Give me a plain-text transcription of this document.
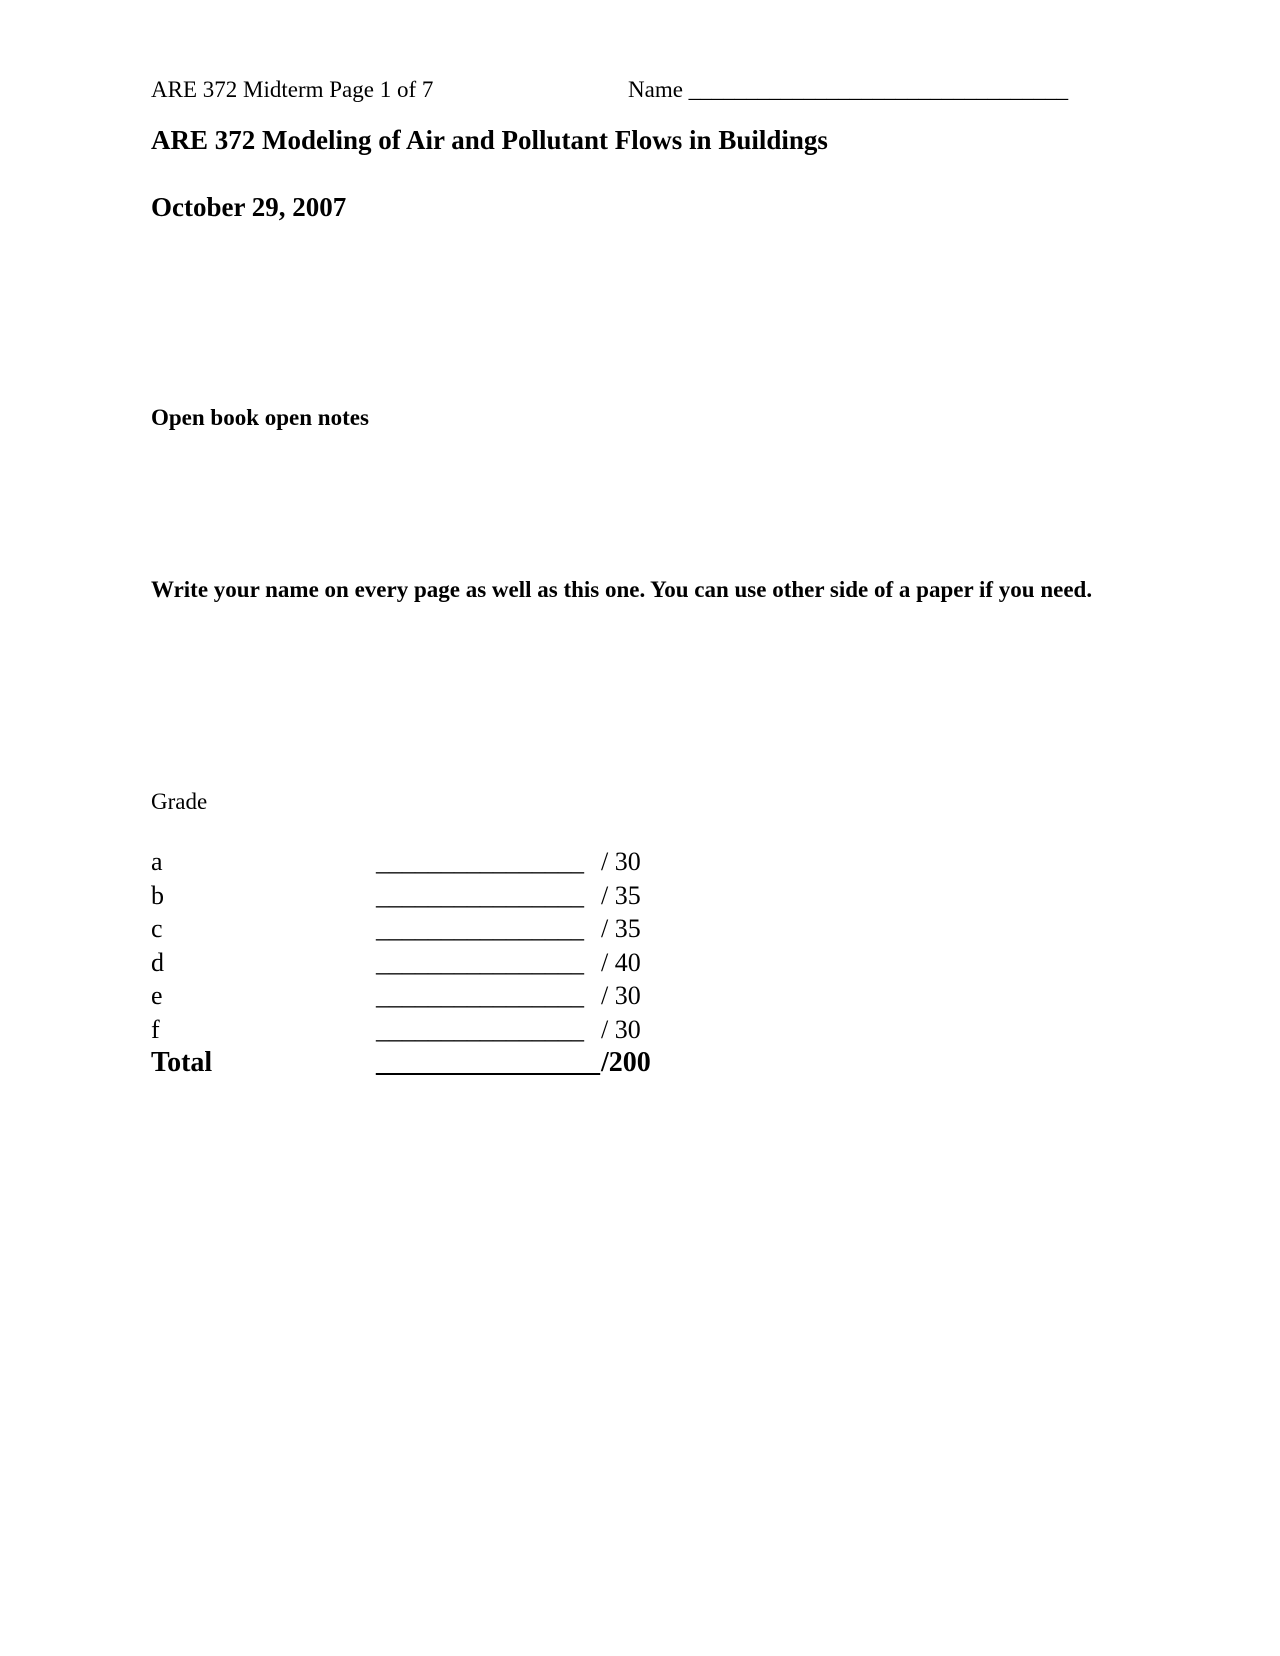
ARE 372 Midterm Page 1 of 7	Name _________________________________
ARE 372 Modeling of Air and Pollutant Flows in Buildings
October 29, 2007
Open book open notes
Write your name on every page as well as this one. You can use other side of a paper if you need.
Grade
a	________________ / 30
b	________________ / 35
c	________________ / 35
d	________________ / 40
e	________________ / 30
f	________________ / 30
Total	________________ /200
